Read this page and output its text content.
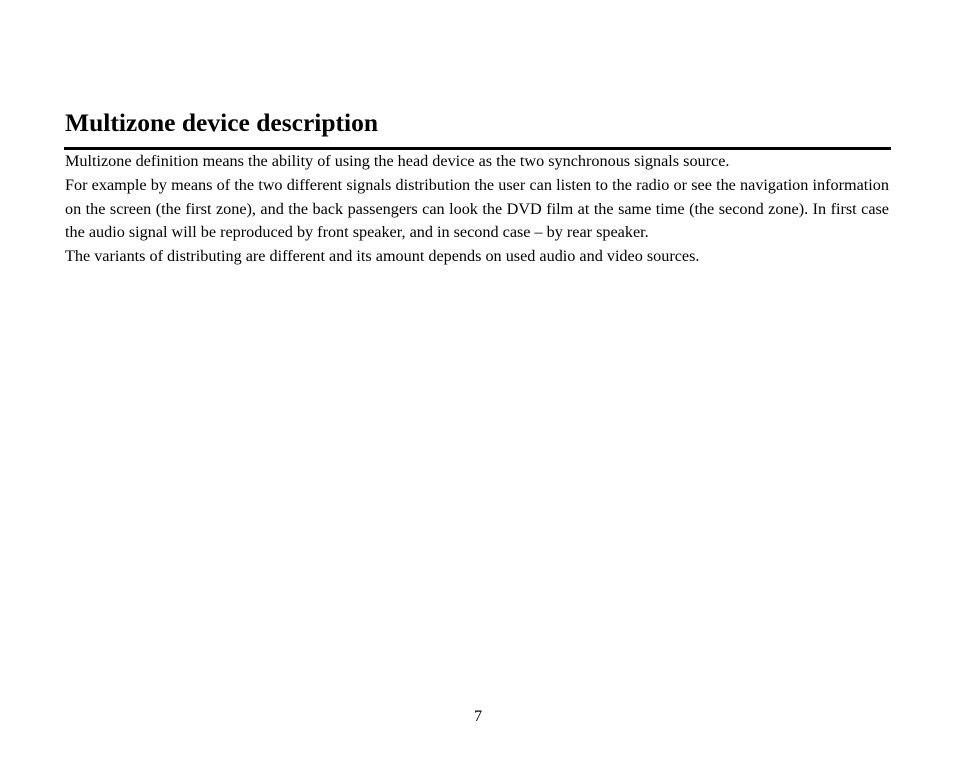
Multizone device description

Multizone definition means the ability of using the head device as the two synchronous signals source.

For example by means of the two different signals distribution the user can listen to the radio or see the navigation information on the screen (the first zone), and the back passengers can look the DVD film at the same time (the second zone). In first case the audio signal will be reproduced by front speaker, and in second case – by rear speaker.

The variants of distributing are different and its amount depends on used audio and video sources.

7
